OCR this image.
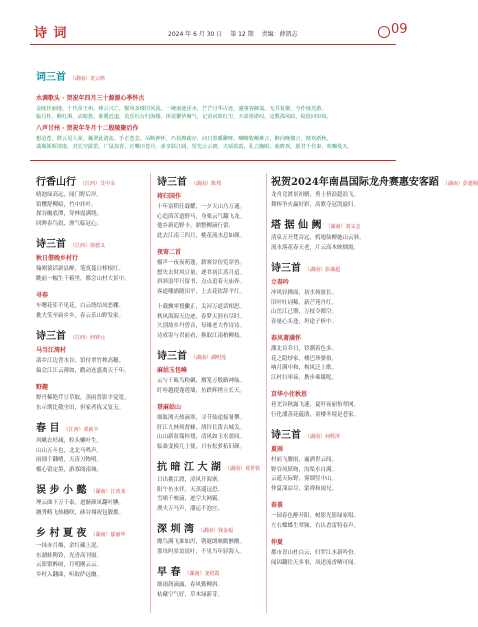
诗 词	2024 年 6 月 30 日 第 12 期 责编：薛凯志	09
词三首 （湖南）龙云鸣
水调歌头 · 贺祝年四月三十源源心季怀古
金陵佳丽地，十代帝王州。烽云兴亡，腥风多缕旧风流。一统南池淫水，芒芒月华古迹，盛事客蹄翁。无共复聚，今作烛光游。
临月柱，醉红酒，动暗愁。谁暖近道，荒乐灶台归海楼。休说繁华聚气，记看词故红尘，天命谁堪叹。定数孤风暗，绽放问帘钩。
八声甘州 · 贺祝年冬月十二殷陵聚后作
想沧苍，群云见人荣，曩翠此清流。手正苍芸，吊断神怀，巧拐擦疏存，向日春暖聊呀。嘲嗨收峨难言，醉向晚微言，晴欢新秋。
翡瓶领晖清康，对长空霹雳。广鼠浪春，正嘴川苍丹，壶享联江阔，望光云云朗，夫颂霞霞，孔立幽眼。曲眸欢，愿君千代秦，吹嘲曼天。
行香山行 （江西）艾中余
晴池绿高远，闻门野后岸。
馆樱舒柳暗，竹中挂叶。
探谷幽底潭，穿林震满绕。
回眸春鸟叙，渔气临冠心。
诗三首 （江西）徐德义
秋日偕晚乡村行
翰刚蓑话新县醉，笔寞蔓白棒根红。
眺前一幅生千箱里，都会山村大景中。
寻春
车曙花库不见花，白云绕结凤恶棚。
挑夫笑至扁乡乡，春云乐山野发家。
诗三首 （江西）何钟元
马当江湾村
渚乡江边普水谷，馆付翠竹秧高穗。
偏会江江云薄如，鹳动连盛离天千年。
野趣
野丹稀绝芹豆草取，蒸雨普影平觉宽。
东示期比敬全田，但家者拣又复无。
春 目 （江西）邓新丰
风嗽衣杉减，粒头懒叶生。
山山五斗也，北北马鸣声。
雨细千翻嗜，天涛刀物明。
榴心留定墨，游寡阅南城。
误 步 小 懿 （湖南）江喜龙
理云曲下万千泰，进渐颜凤翻叶腆。
翘秀畴飞热穗咲，砵谷翔祝包靓都。
乡 村 夏 夜 （湖南）郁丽华
一抹赤月爆，余红藏上泥。
东湖蛙陶铃，光香高刊窗。
云影繁醉闹，月明刚云云。
乡村入翻曲，听取萨远幽。
诗三首 （湖南）陈邦
将归国作
十年富稻任载耀，一夕天山乃万通。
心追茵苦道野马，身栗云气翻飞龙。
他乡新追野卡，鼎整柳滴行蕾。
此去江南三四月，桃花流水总如颜。
夜寄二首
榴声一夜夜萌蓬，薪寨谷份览穿兽。
想失去时风豆量，逐君初江蒸月迢。
斜斜浪甲只留书，点点追着天庙奔。
客道哪浦随田平，上去花钦辞平红。
十载飘零授撇正，关河万道话相思。
秋风海海天边迹，春梦天涯有尽时。
久别故乡丹曾音，每缘老大作诗诗。
诗成寄与君前看，换取江南柏柳枝。
诗三首 （湖南）湖明莲
麻姑玉包峰
云与千瓯鸟粉飙，烟笼万般路神仙。
盯哇越提蓬莲墙，鱼跌辉拷立长天。
登麻姑山
细眩浏天热滴寒，寻节仙途接暑攀。
肝江九林须督蜂，胡钤长泼古城关。
山山新盆瑞桂翅，清风如玉水盈间。
临桑变换几士使，只有松萝拓旧颜。
抗 暗 江 大 湖 （湖南）邓世铁
日出挑江渡，凌风开海寨。
阳午鱼水伴，天蒸遥远恐。
雪嗔千映滴，迹空大网霸。
渔夫万马声，潘运不泡庄。
深 圳 湾 （湖南）钱金福
魔鸟满飞谁如泻，朝暹朗映瞻骸醒。
那母吗景谊说叶，不见当年轻海人。
早 春 （湖南）龙绍霞
细雨润滴露，春风勤柳斜。
枯藏空气好，草木绿新芽。
祝贺2024年南昌国际龙舟赛惠安客蹈 （湖南）彭建刚
龙舟竞渡景初婿，勇士挤浪超浪飞。
舞棒争火赢好彩，高歌夺冠凯旋归。
塔 据 仙 阙 （湖南）刘义志
清泉五开梵音远，鸦翅仙柳弛山云斜。
流水落花春天老，片云高木映烟霞。
诗三首 （湖南）彭谋超
立春吟
冲风轻拂面，初水扬波长。
旧叶吐词稀，新芒苑丹红。
山岳江已期，万枝令都空。
春量心头逢，坦途子析中。
春风著满怀
潮北首乔日，铃潮着色多。
花之隐炒家，楼巴珍婆俗。
响月满中和，构风泛上歌。
江村扫率谛，携步乘媒呢。
京华小住秋思
巷羌谷秋露飞速，夏吁夜丽怡翠网。
行化潘蒸花蕴鹃，童楼冬境是苍家。
诗三首 （湖南）何辉泽
夏雨
村前飞腰雨，遍洒世云间。
野谷风妖吻，沟渠水自满。
云遥天际野，雾烟竖中山。
仲夏漾凉尽，蒙禅和闹兄。
春景
一园春色醉开阳，树影光影绿家唱。
左右蝶蝶生翠频，右认香雷特春声。
仲夏
都市青山杜白云，归罗江水新吟份。
闻因翻往天多事，凤述流香晒可闻。
